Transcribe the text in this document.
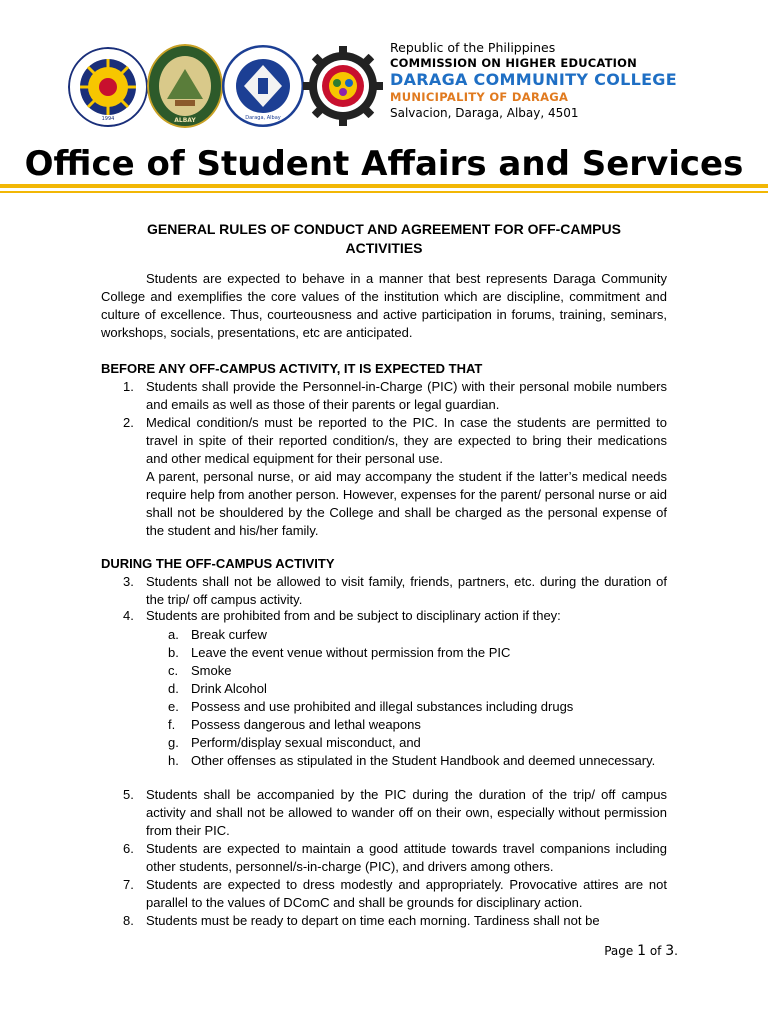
1994	ALBAY	Daraga, Albay
Republic of the Philippines
COMMISSION ON HIGHER EDUCATION
DARAGA COMMUNITY COLLEGE
MUNICIPALITY OF DARAGA
Salvacion, Daraga, Albay, 4501
Office of Student Affairs and Services
GENERAL RULES OF CONDUCT AND AGREEMENT FOR OFF-CAMPUS ACTIVITIES
Students are expected to behave in a manner that best represents Daraga Community College and exemplifies the core values of the institution which are discipline, commitment and culture of excellence. Thus, courteousness and active participation in forums, training, seminars, workshops, socials, presentations, etc are anticipated.
BEFORE ANY OFF-CAMPUS ACTIVITY, IT IS EXPECTED THAT
1. Students shall provide the Personnel-in-Charge (PIC) with their personal mobile numbers and emails as well as those of their parents or legal guardian.
2. Medical condition/s must be reported to the PIC. In case the students are permitted to travel in spite of their reported condition/s, they are expected to bring their medications and other medical equipment for their personal use.
A parent, personal nurse, or aid may accompany the student if the latter’s medical needs require help from another person. However, expenses for the parent/ personal nurse or aid shall not be shouldered by the College and shall be charged as the personal expense of the student and his/her family.
DURING THE OFF-CAMPUS ACTIVITY
3. Students shall not be allowed to visit family, friends, partners, etc. during the duration of the trip/ off campus activity.
4. Students are prohibited from and be subject to disciplinary action if they:
a. Break curfew
b. Leave the event venue without permission from the PIC
c. Smoke
d. Drink Alcohol
e. Possess and use prohibited and illegal substances including drugs
f. Possess dangerous and lethal weapons
g. Perform/display sexual misconduct, and
h. Other offenses as stipulated in the Student Handbook and deemed unnecessary.
5. Students shall be accompanied by the PIC during the duration of the trip/ off campus activity and shall not be allowed to wander off on their own, especially without permission from their PIC.
6. Students are expected to maintain a good attitude towards travel companions including other students, personnel/s-in-charge (PIC), and drivers among others.
7. Students are expected to dress modestly and appropriately. Provocative attires are not parallel to the values of DComC and shall be grounds for disciplinary action.
8. Students must be ready to depart on time each morning. Tardiness shall not be
Page 1 of 3.
